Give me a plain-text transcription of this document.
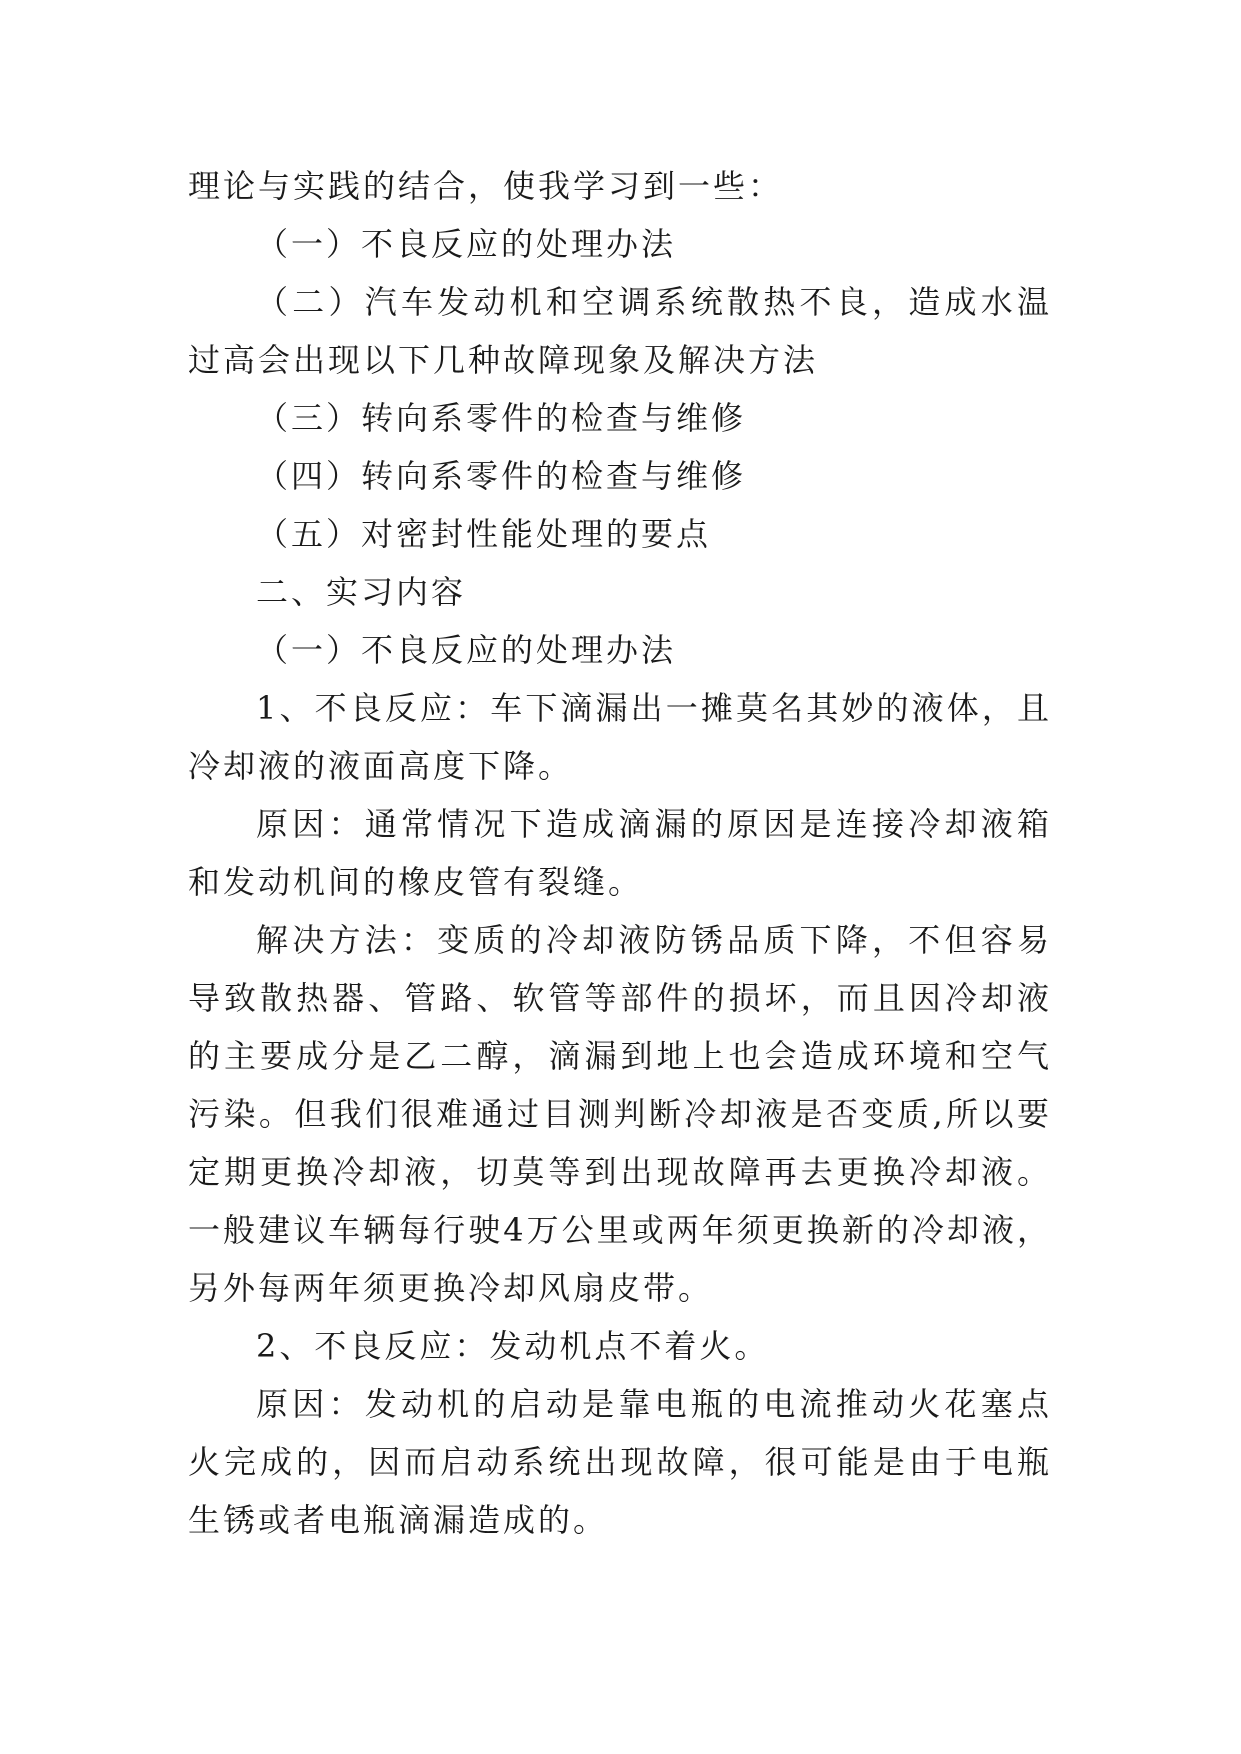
理论与实践的结合，使我学习到一些：

（一）不良反应的处理办法

（二）汽车发动机和空调系统散热不良，造成水温过高会出现以下几种故障现象及解决方法

（三）转向系零件的检查与维修

（四）转向系零件的检查与维修

（五）对密封性能处理的要点

二、实习内容

（一）不良反应的处理办法

1、不良反应：车下滴漏出一摊莫名其妙的液体，且冷却液的液面高度下降。

原因：通常情况下造成滴漏的原因是连接冷却液箱和发动机间的橡皮管有裂缝。

解决方法：变质的冷却液防锈品质下降，不但容易导致散热器、管路、软管等部件的损坏，而且因冷却液的主要成分是乙二醇，滴漏到地上也会造成环境和空气污染。但我们很难通过目测判断冷却液是否变质,所以要定期更换冷却液，切莫等到出现故障再去更换冷却液。一般建议车辆每行驶4万公里或两年须更换新的冷却液，另外每两年须更换冷却风扇皮带。

2、不良反应：发动机点不着火。

原因：发动机的启动是靠电瓶的电流推动火花塞点火完成的，因而启动系统出现故障，很可能是由于电瓶生锈或者电瓶滴漏造成的。
